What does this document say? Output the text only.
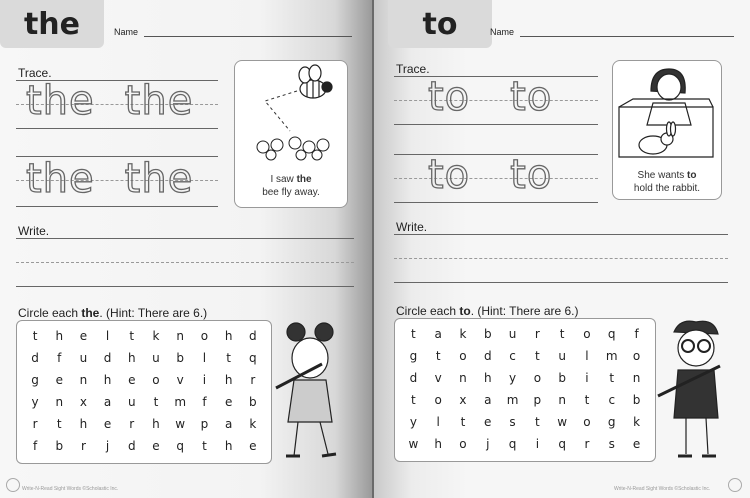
the	Name
Trace.
the the
the the	I saw the
bee fly away.
Write.
Circle each the. (Hint: There are 6.)
t	h	e	l	t	k	n	o	h	d
d	f	u	d	h	u	b	l	t	q
g	e	n	h	e	o	v	i	h	r
y	n	x	a	u	t	m	f	e	b
r	t	h	e	r	h	w	p	a	k
f	b	r	j	d	e	q	t	h	e
Write-N-Read Sight Words ©Scholastic Inc.
to	Name
Trace.
to to
to to	She wants to
hold the rabbit.
Write.
Circle each to. (Hint: There are 6.)
t	a	k	b	u	r	t	o	q	f
g	t	o	d	c	t	u	l	m	o
d	v	n	h	y	o	b	i	t	n
t	o	x	a	m	p	n	t	c	b
y	l	t	e	s	t	w	o	g	k
w	h	o	j	q	i	q	r	s	e
Write-N-Read Sight Words ©Scholastic Inc.
